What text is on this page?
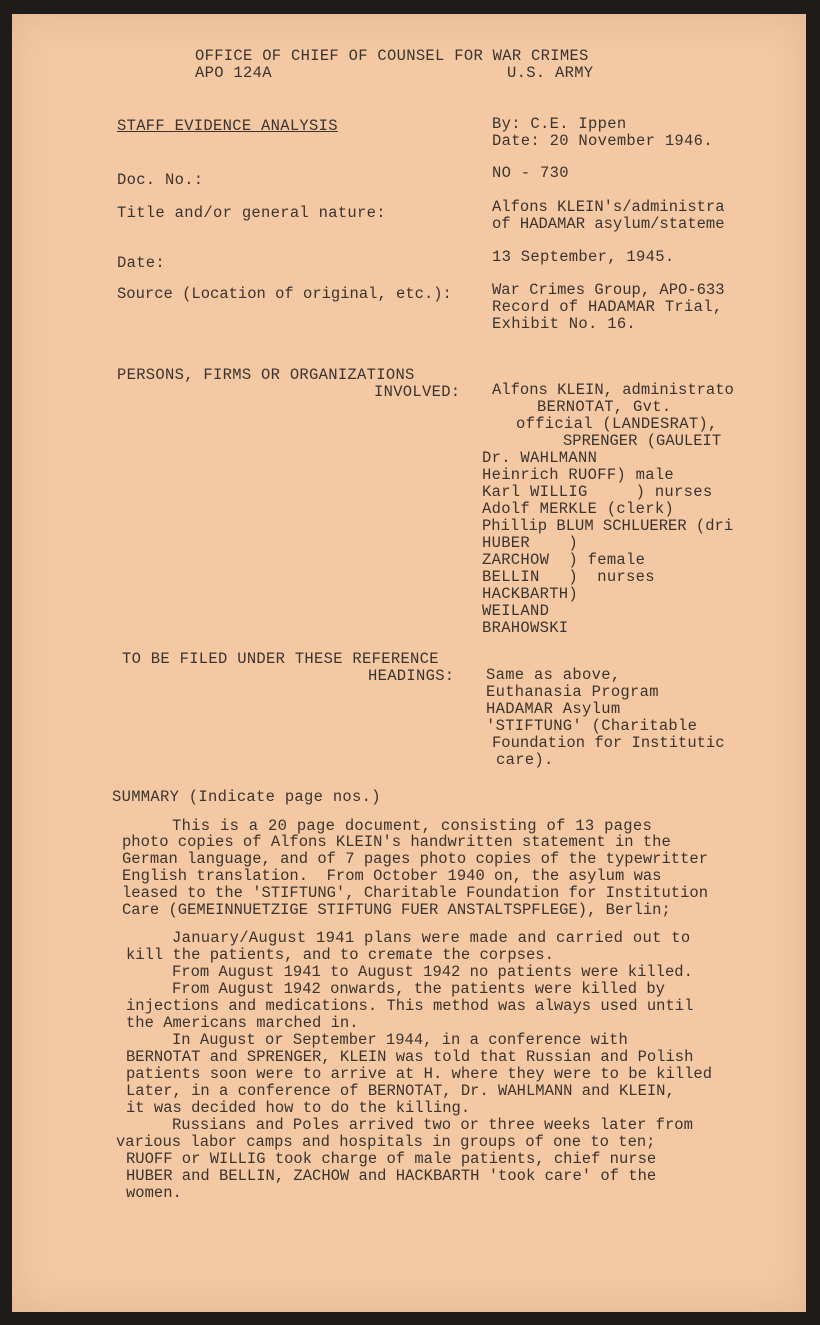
OFFICE OF CHIEF OF COUNSEL FOR WAR CRIMES
APO 124A	U.S. ARMY
STAFF EVIDENCE ANALYSIS	By: C.E. Ippen
Date: 20 November 1946.
Doc. No.:	NO - 730
Title and/or general nature:	Alfons KLEIN's/administra
of HADAMAR asylum/stateme
Date:	13 September, 1945.
Source (Location of original, etc.):	War Crimes Group, APO-633
Record of HADAMAR Trial,
Exhibit No. 16.
PERSONS, FIRMS OR ORGANIZATIONS
INVOLVED: Alfons KLEIN, administrato
BERNOTAT, Gvt.
official (LANDESRAT),
SPRENGER (GAULEIT
Dr. WAHLMANN
Heinrich RUOFF) male
Karl WILLIG     ) nurses
Adolf MERKLE (clerk)
Phillip BLUM SCHLUERER (dri
HUBER    )
ZARCHOW  ) female
BELLIN   )  nurses
HACKBARTH)
WEILAND
BRAHOWSKI
TO BE FILED UNDER THESE REFERENCE
HEADINGS: Same as above,
Euthanasia Program
HADAMAR Asylum
'STIFTUNG' (Charitable
Foundation for Institutic
care).
SUMMARY (Indicate page nos.)
This is a 20 page document, consisting of 13 pages
photo copies of Alfons KLEIN's handwritten statement in the
German language, and of 7 pages photo copies of the typewritter
English translation.  From October 1940 on, the asylum was
leased to the 'STIFTUNG', Charitable Foundation for Institution
Care (GEMEINNUETZIGE STIFTUNG FUER ANSTALTSPFLEGE), Berlin;
January/August 1941 plans were made and carried out to
kill the patients, and to cremate the corpses.
From August 1941 to August 1942 no patients were killed.
From August 1942 onwards, the patients were killed by
injections and medications. This method was always used until
the Americans marched in.
In August or September 1944, in a conference with
BERNOTAT and SPRENGER, KLEIN was told that Russian and Polish
patients soon were to arrive at H. where they were to be killed
Later, in a conference of BERNOTAT, Dr. WAHLMANN and KLEIN,
it was decided how to do the killing.
Russians and Poles arrived two or three weeks later from
various labor camps and hospitals in groups of one to ten;
RUOFF or WILLIG took charge of male patients, chief nurse
HUBER and BELLIN, ZACHOW and HACKBARTH 'took care' of the
women.
